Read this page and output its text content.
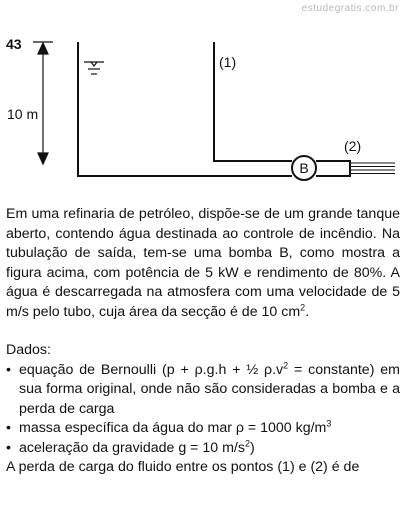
estudegratis.com.br
43
B
10 m
(1)
(2)

Em uma refinaria de petróleo, dispõe-se de um grande tanque aberto, contendo água destinada ao controle de incêndio. Na tubulação de saída, tem-se uma bomba B, como mostra a figura acima, com potência de 5 kW e rendimento de 80%. A água é descarregada na atmosfera com uma velocidade de 5 m/s pelo tubo, cuja área da secção é de 10 $cm^2$.

Dados:

• equação de Bernoulli (p + ρ.g.h + ½ $\rho.v^2$ = constante) em sua forma original, onde não são consideradas a bomba e a perda de carga
• massa específica da água do mar ρ = 1000 $kg/m^3$
• aceleração da gravidade g = 10 $m/s^2$)

A perda de carga do fluido entre os pontos (1) e (2) é de
